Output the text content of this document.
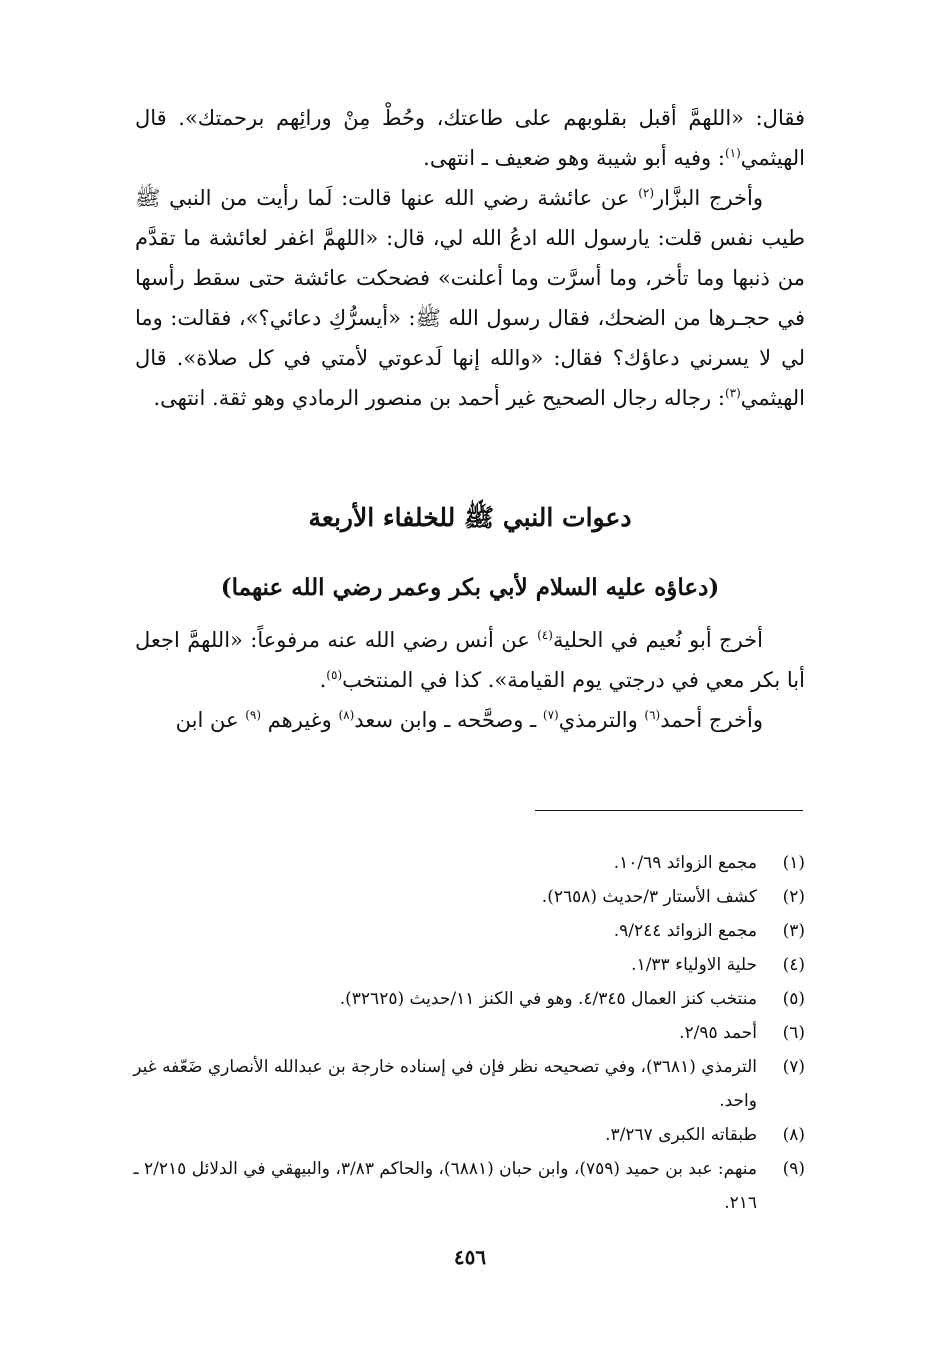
فقال: «اللهمَّ أقبل بقلوبهم على طاعتك، وحُطْ مِنْ ورائِهم برحمتك». قال الهيثمي$^{(١)}$: وفيه أبو شيبة وهو ضعيف ـ انتهى.

وأخرج البزَّار$^{(٢)}$ عن عائشة رضي الله عنها قالت: لَما رأيت من النبي ﷺ طيب نفس قلت: يارسول الله ادعُ الله لي، قال: «اللهمَّ اغفر لعائشة ما تقدَّم من ذنبها وما تأخر، وما أسرَّت وما أعلنت» فضحكت عائشة حتى سقط رأسها في حجـرها من الضحك، فقال رسول الله ﷺ: «أيسرُّكِ دعائي؟»، فقالت: وما لي لا يسرني دعاؤك؟ فقال: «والله إنها لَدعوتي لأمتي في كل صلاة». قال الهيثمي$^{(٣)}$: رجاله رجال الصحيح غير أحمد بن منصور الرمادي وهو ثقة. انتهى.

دعوات النبي ﷺ للخلفاء الأربعة
(دعاؤه عليه السلام لأبي بكر وعمر رضي الله عنهما)

أخرج أبو نُعيم في الحلية$^{(٤)}$ عن أنس رضي الله عنه مرفوعاً: «اللهمَّ اجعل أبا بكر معي في درجتي يوم القيامة». كذا في المنتخب$^{(٥)}$.

وأخرج أحمد$^{(٦)}$ والترمذي$^{(٧)}$ ـ وصحَّحه ـ وابن سعد$^{(٨)}$ وغيرهم $^{(٩)}$ عن ابن

(١)
مجمع الزوائد ١٠/٦٩.
(٢)
كشف الأستار ٣/حديث (٢٦٥٨).
(٣)
مجمع الزوائد ٩/٢٤٤.
(٤)
حلية الاولياء ١/٣٣.
(٥)
منتخب كنز العمال ٤/٣٤٥. وهو في الكنز ١١/حديث (٣٢٦٢٥).
(٦)
أحمد ٢/٩٥.
(٧)
الترمذي (٣٦٨١)، وفي تصحيحه نظر فإن في إسناده خارجة بن عبدالله الأنصاري ضَعّفه غير واحد.
(٨)
طبقاته الكبرى ٣/٢٦٧.
(٩)
منهم: عبد بن حميد (٧٥٩)، وابن حبان (٦٨٨١)، والحاكم ٣/٨٣، والبيهقي في الدلائل ٢/٢١٥ ـ ٢١٦.
٤٥٦
